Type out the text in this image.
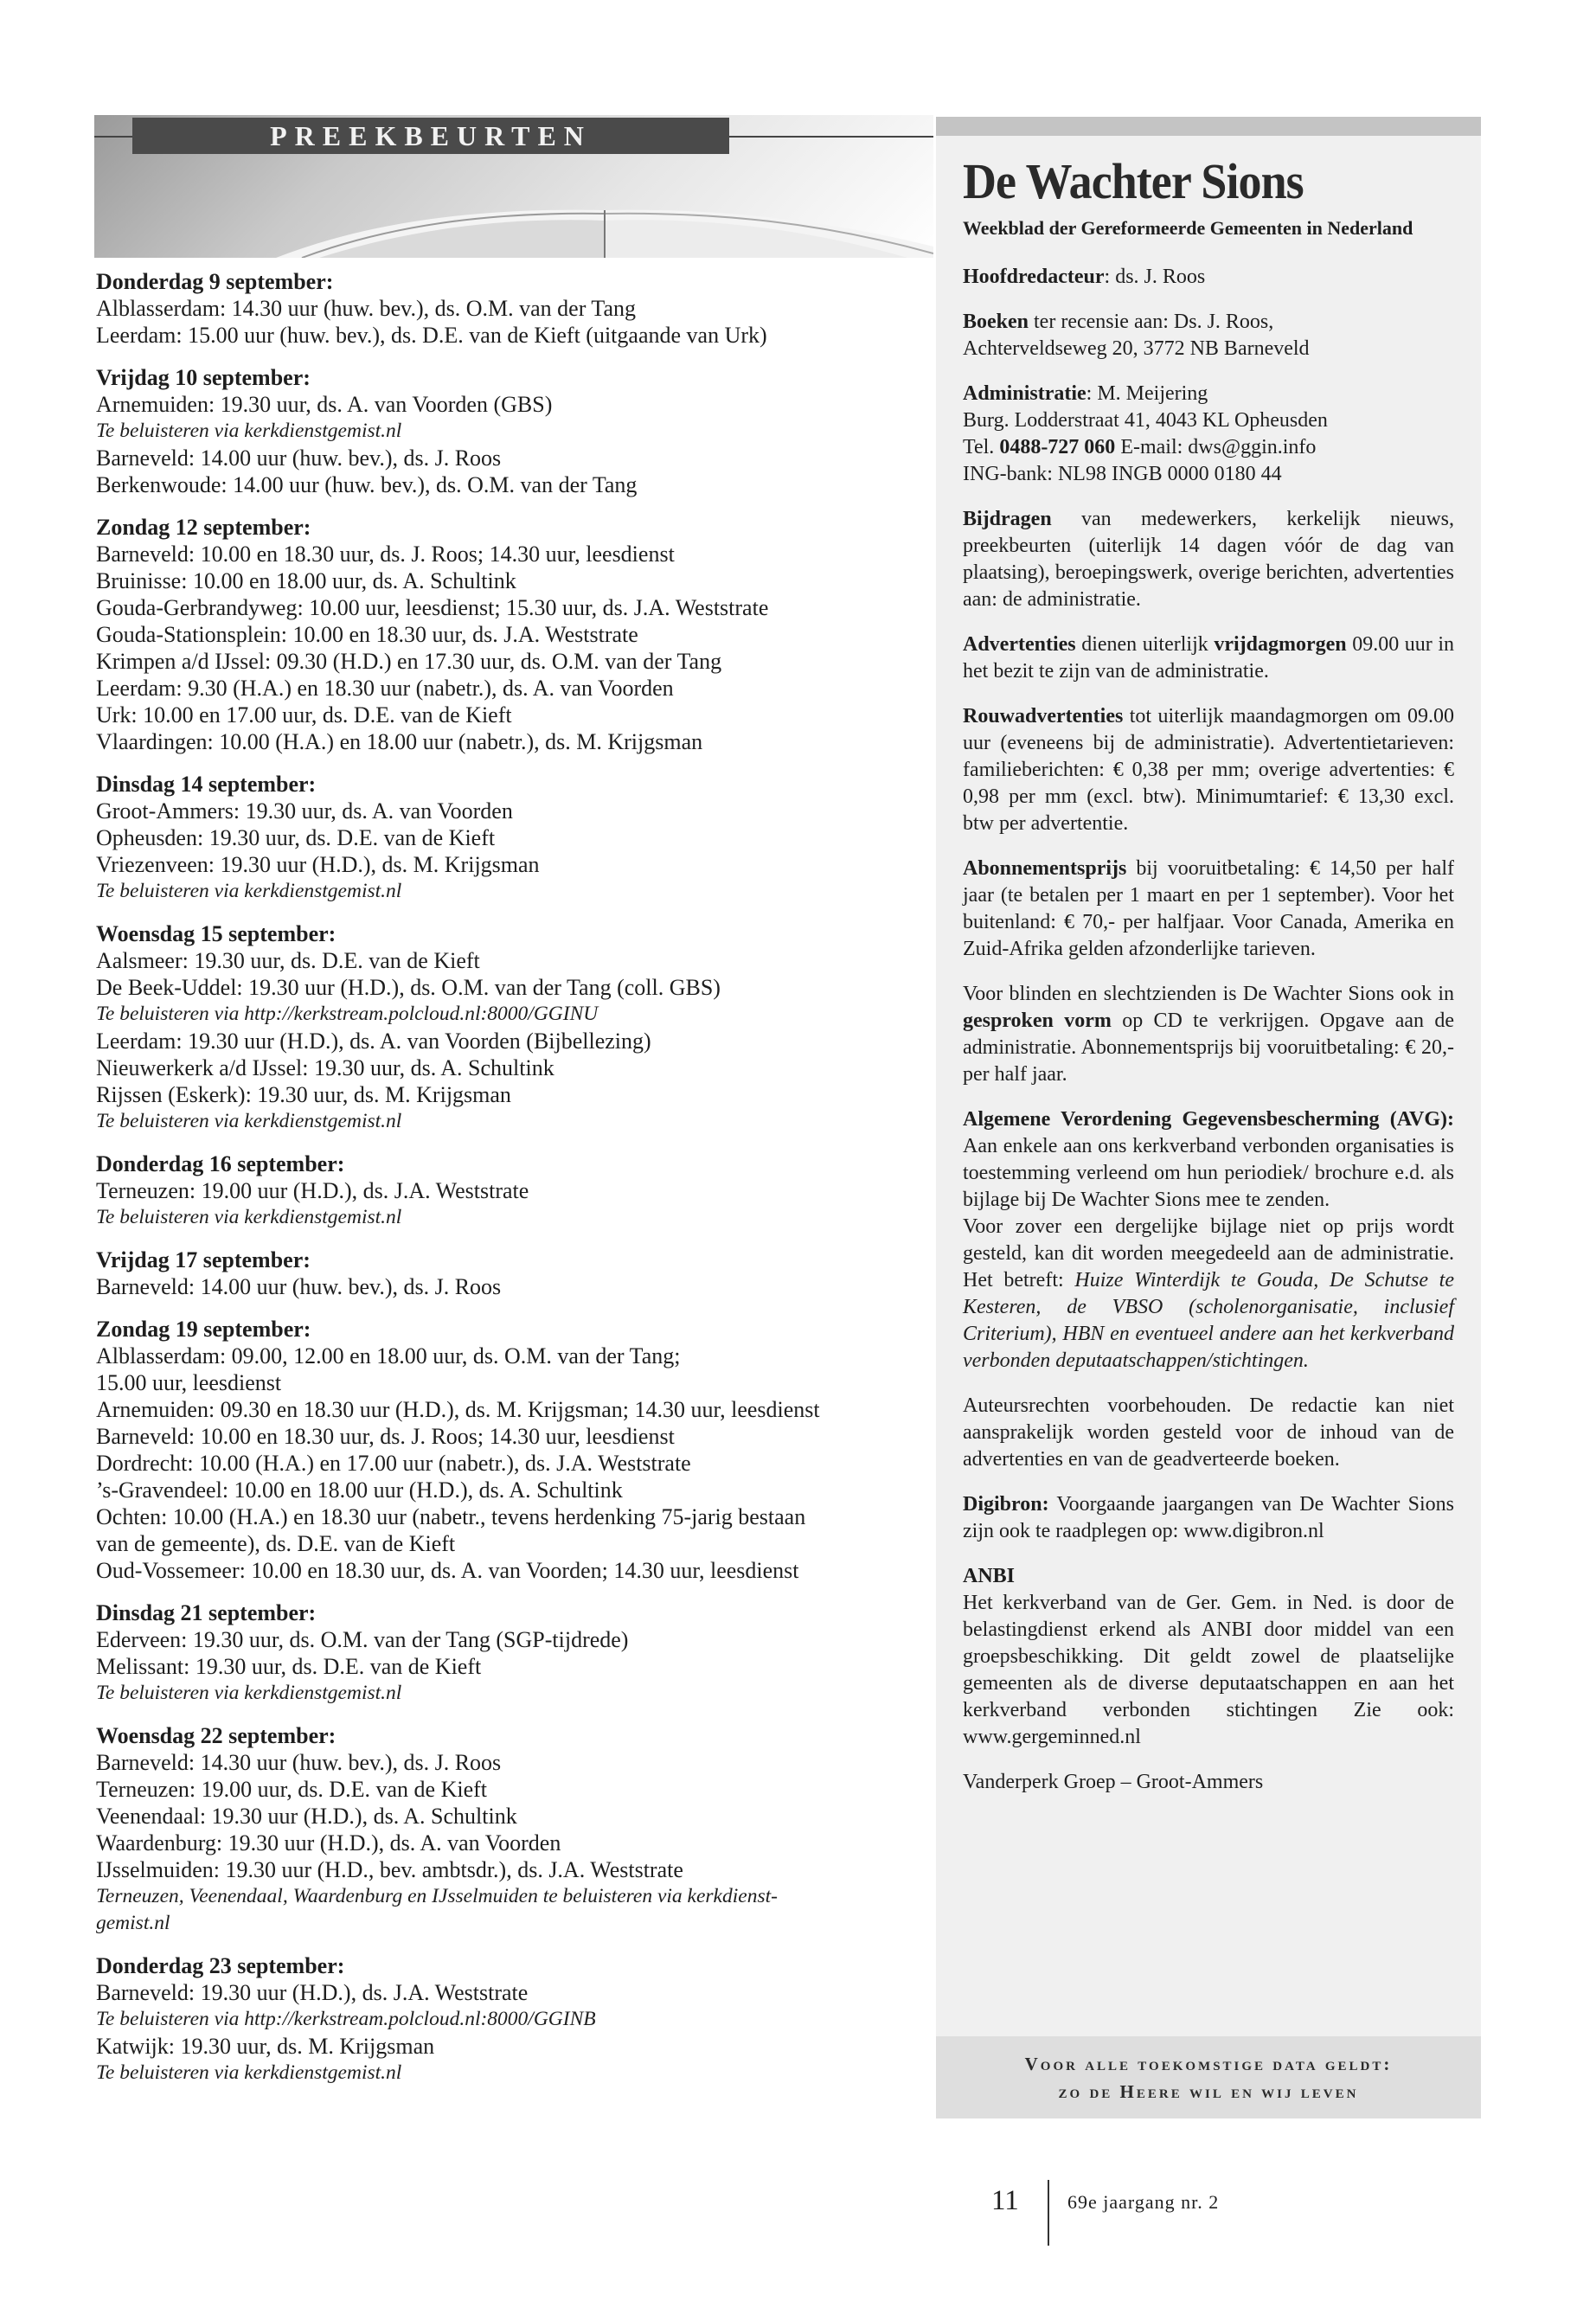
PREEKBEURTEN
Donderdag 9 september:
Alblasserdam: 14.30 uur (huw. bev.), ds. O.M. van der Tang
Leerdam: 15.00 uur (huw. bev.), ds. D.E. van de Kieft (uitgaande van Urk)
Vrijdag 10 september:
Arnemuiden: 19.30 uur, ds. A. van Voorden (GBS)
Te beluisteren via kerkdienstgemist.nl
Barneveld: 14.00 uur (huw. bev.), ds. J. Roos
Berkenwoude: 14.00 uur (huw. bev.), ds. O.M. van der Tang
Zondag 12 september:
Barneveld: 10.00 en 18.30 uur, ds. J. Roos; 14.30 uur, leesdienst
Bruinisse: 10.00 en 18.00 uur, ds. A. Schultink
Gouda-Gerbrandyweg: 10.00 uur, leesdienst; 15.30 uur, ds. J.A. Weststrate
Gouda-Stationsplein: 10.00 en 18.30 uur, ds. J.A. Weststrate
Krimpen a/d IJssel: 09.30 (H.D.) en 17.30 uur, ds. O.M. van der Tang
Leerdam: 9.30 (H.A.) en 18.30 uur (nabetr.), ds. A. van Voorden
Urk: 10.00 en 17.00 uur, ds. D.E. van de Kieft
Vlaardingen: 10.00 (H.A.) en 18.00 uur (nabetr.), ds. M. Krijgsman
Dinsdag 14 september:
Groot-Ammers: 19.30 uur, ds. A. van Voorden
Opheusden: 19.30 uur, ds. D.E. van de Kieft
Vriezenveen: 19.30 uur (H.D.), ds. M. Krijgsman
Te beluisteren via kerkdienstgemist.nl
Woensdag 15 september:
Aalsmeer: 19.30 uur, ds. D.E. van de Kieft
De Beek-Uddel: 19.30 uur (H.D.), ds. O.M. van der Tang (coll. GBS)
Te beluisteren via http://kerkstream.polcloud.nl:8000/GGINU
Leerdam: 19.30 uur (H.D.), ds. A. van Voorden (Bijbellezing)
Nieuwerkerk a/d IJssel: 19.30 uur, ds. A. Schultink
Rijssen (Eskerk): 19.30 uur, ds. M. Krijgsman
Te beluisteren via kerkdienstgemist.nl
Donderdag 16 september:
Terneuzen: 19.00 uur (H.D.), ds. J.A. Weststrate
Te beluisteren via kerkdienstgemist.nl
Vrijdag 17 september:
Barneveld: 14.00 uur (huw. bev.), ds. J. Roos
Zondag 19 september:
Alblasserdam: 09.00, 12.00 en 18.00 uur, ds. O.M. van der Tang;
15.00 uur, leesdienst
Arnemuiden: 09.30 en 18.30 uur (H.D.), ds. M. Krijgsman; 14.30 uur, leesdienst
Barneveld: 10.00 en 18.30 uur, ds. J. Roos; 14.30 uur, leesdienst
Dordrecht: 10.00 (H.A.) en 17.00 uur (nabetr.), ds. J.A. Weststrate
’s-Gravendeel: 10.00 en 18.00 uur (H.D.), ds. A. Schultink
Ochten: 10.00 (H.A.) en 18.30 uur (nabetr., tevens herdenking 75-jarig bestaan
van de gemeente), ds. D.E. van de Kieft
Oud-Vossemeer: 10.00 en 18.30 uur, ds. A. van Voorden; 14.30 uur, leesdienst
Dinsdag 21 september:
Ederveen: 19.30 uur, ds. O.M. van der Tang (SGP-tijdrede)
Melissant: 19.30 uur, ds. D.E. van de Kieft
Te beluisteren via kerkdienstgemist.nl
Woensdag 22 september:
Barneveld: 14.30 uur (huw. bev.), ds. J. Roos
Terneuzen: 19.00 uur, ds. D.E. van de Kieft
Veenendaal: 19.30 uur (H.D.), ds. A. Schultink
Waardenburg: 19.30 uur (H.D.), ds. A. van Voorden
IJsselmuiden: 19.30 uur (H.D., bev. ambtsdr.), ds. J.A. Weststrate
Terneuzen, Veenendaal, Waardenburg en IJsselmuiden te beluisteren via kerkdienst-
gemist.nl
Donderdag 23 september:
Barneveld: 19.30 uur (H.D.), ds. J.A. Weststrate
Te beluisteren via http://kerkstream.polcloud.nl:8000/GGINB
Katwijk: 19.30 uur, ds. M. Krijgsman
Te beluisteren via kerkdienstgemist.nl
De Wachter Sions
Weekblad der Gereformeerde Gemeenten in Nederland

Hoofdredacteur: ds. J. Roos

Boeken ter recensie aan: Ds. J. Roos,
Achterveldseweg 20, 3772 NB Barneveld

Administratie: M. Meijering
Burg. Lodderstraat 41, 4043 KL Opheusden
Tel. 0488-727 060 E-mail: dws@ggin.info
ING-bank: NL98 INGB 0000 0180 44

Bijdragen van medewerkers, kerkelijk nieuws, preekbeurten (uiterlijk 14 dagen vóór de dag van plaatsing), beroepingswerk, overige berichten, advertenties aan: de administratie.

Advertenties dienen uiterlijk vrijdagmorgen 09.00 uur in het bezit te zijn van de administratie.

Rouwadvertenties tot uiterlijk maandagmorgen om 09.00 uur (eveneens bij de administratie). Advertentietarieven: familieberichten: € 0,38 per mm; overige advertenties: € 0,98 per mm (excl. btw). Minimumtarief: € 13,30 excl. btw per advertentie.

Abonnementsprijs bij vooruitbetaling: € 14,50 per half jaar (te betalen per 1 maart en per 1 september). Voor het buitenland: € 70,- per halfjaar. Voor Canada, Amerika en Zuid-Afrika gelden afzonderlijke tarieven.

Voor blinden en slechtzienden is De Wachter Sions ook in gesproken vorm op CD te verkrijgen. Opgave aan de administratie. Abonnementsprijs bij vooruitbetaling: € 20,- per half jaar.

Algemene Verordening Gegevensbescherming (AVG): Aan enkele aan ons kerkverband verbonden organisaties is toestemming verleend om hun periodiek/ brochure e.d. als bijlage bij De Wachter Sions mee te zenden.
Voor zover een dergelijke bijlage niet op prijs wordt gesteld, kan dit worden meegedeeld aan de administratie. Het betreft: Huize Winterdijk te Gouda, De Schutse te Kesteren, de VBSO (scholenorganisatie, inclusief Criterium), HBN en eventueel andere aan het kerkverband verbonden deputaatschappen/stichtingen.

Auteursrechten voorbehouden. De redactie kan niet aansprakelijk worden gesteld voor de inhoud van de advertenties en van de geadverteerde boeken.

Digibron: Voorgaande jaargangen van De Wachter Sions zijn ook te raadplegen op: www.digibron.nl

ANBI
Het kerkverband van de Ger. Gem. in Ned. is door de belastingdienst erkend als ANBI door middel van een groepsbeschikking. Dit geldt zowel de plaatselijke gemeenten als de diverse deputaatschappen en aan het kerkverband verbonden stichtingen Zie ook: www.gergeminned.nl

Vanderperk Groep – Groot-Ammers

Voor alle toekomstige data geldt:
zo de Heere wil en wij leven
11	69e jaargang nr. 2
